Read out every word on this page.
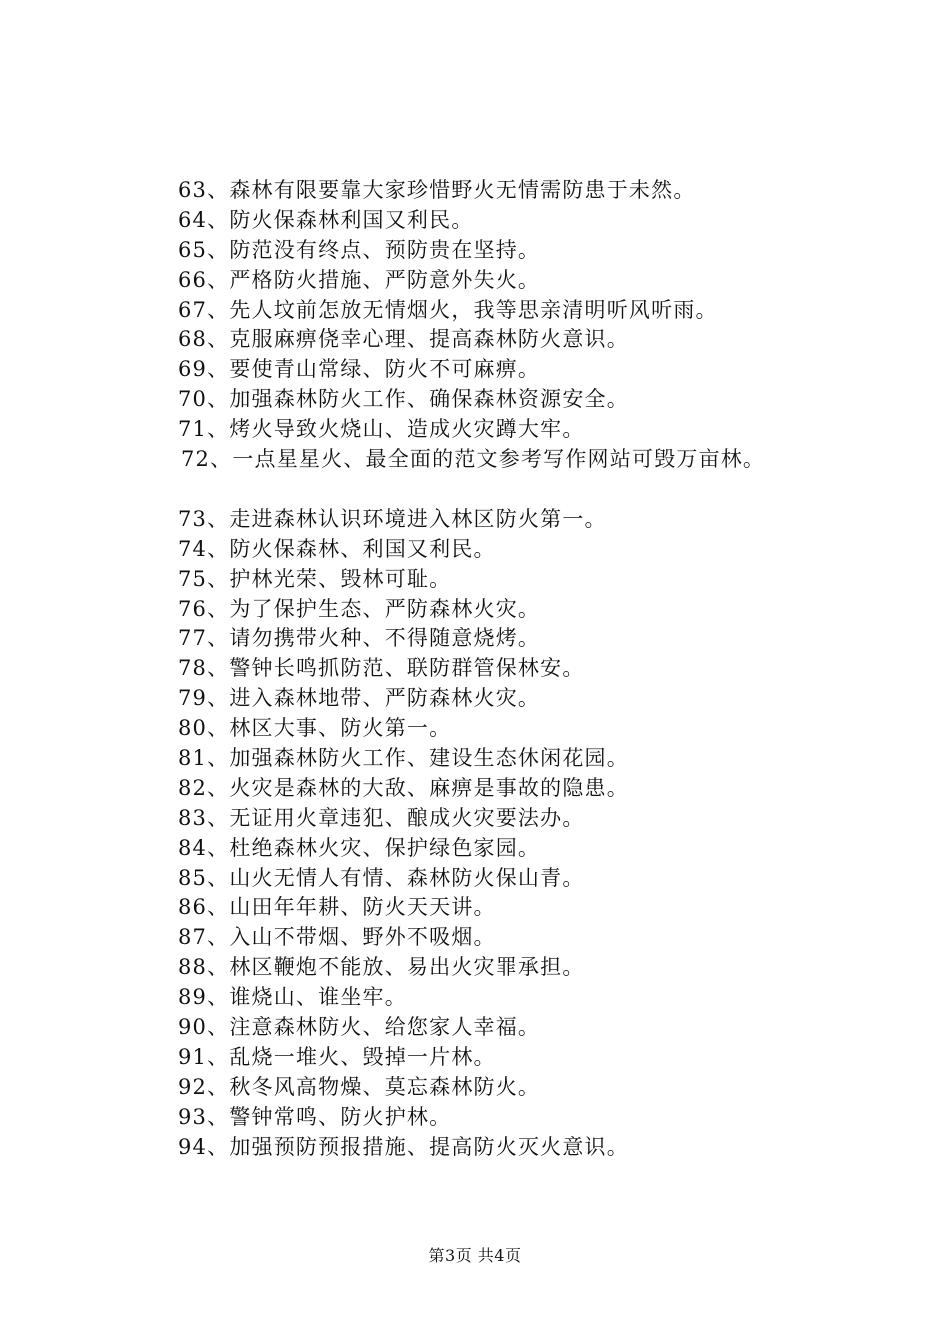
63、森林有限要靠大家珍惜野火无情需防患于未然。
64、防火保森林利国又利民。
65、防范没有终点、预防贵在坚持。
66、严格防火措施、严防意外失火。
67、先人坟前怎放无情烟火，我等思亲清明听风听雨。
68、克服麻痹侥幸心理、提高森林防火意识。
69、要使青山常绿、防火不可麻痹。
70、加强森林防火工作、确保森林资源安全。
71、烤火导致火烧山、造成火灾蹲大牢。
72、一点星星火、最全面的范文参考写作网站可毁万亩林。
73、走进森林认识环境进入林区防火第一。
74、防火保森林、利国又利民。
75、护林光荣、毁林可耻。
76、为了保护生态、严防森林火灾。
77、请勿携带火种、不得随意烧烤。
78、警钟长鸣抓防范、联防群管保林安。
79、进入森林地带、严防森林火灾。
80、林区大事、防火第一。
81、加强森林防火工作、建设生态休闲花园。
82、火灾是森林的大敌、麻痹是事故的隐患。
83、无证用火章违犯、酿成火灾要法办。
84、杜绝森林火灾、保护绿色家园。
85、山火无情人有情、森林防火保山青。
86、山田年年耕、防火天天讲。
87、入山不带烟、野外不吸烟。
88、林区鞭炮不能放、易出火灾罪承担。
89、谁烧山、谁坐牢。
90、注意森林防火、给您家人幸福。
91、乱烧一堆火、毁掉一片林。
92、秋冬风高物燥、莫忘森林防火。
93、警钟常鸣、防火护林。
94、加强预防预报措施、提高防火灭火意识。
第3页 共4页
